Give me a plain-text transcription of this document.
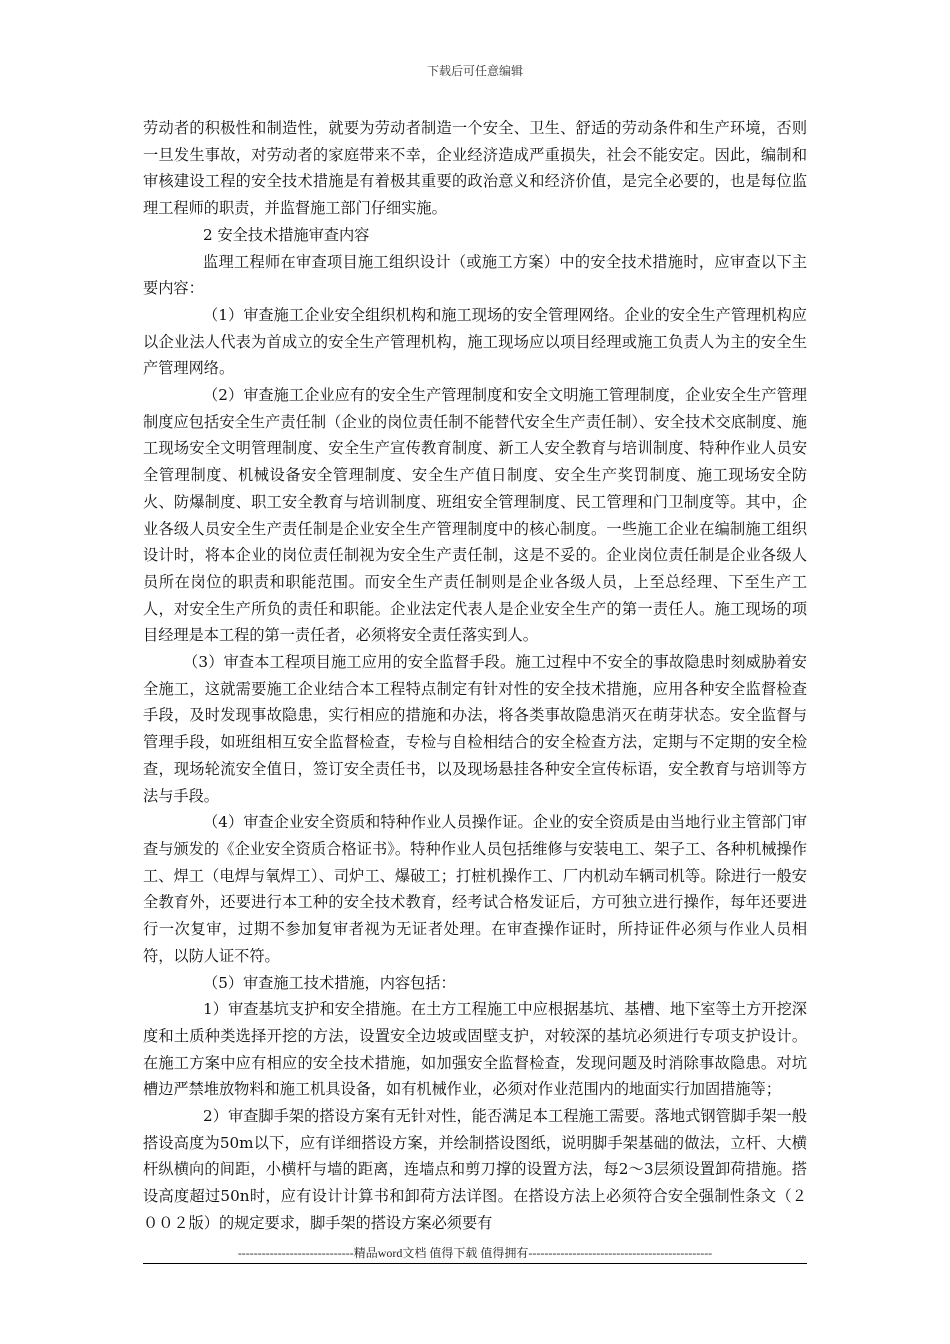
下载后可任意编辑

劳动者的积极性和制造性，就要为劳动者制造一个安全、卫生、舒适的劳动条件和生产环境，否则一旦发生事故，对劳动者的家庭带来不幸，企业经济造成严重损失，社会不能安定。因此，编制和审核建设工程的安全技术措施是有着极其重要的政治意义和经济价值，是完全必要的，也是每位监理工程师的职责，并监督施工部门仔细实施。

2 安全技术措施审查内容

监理工程师在审查项目施工组织设计（或施工方案）中的安全技术措施时，应审查以下主要内容：

（1）审查施工企业安全组织机构和施工现场的安全管理网络。企业的安全生产管理机构应以企业法人代表为首成立的安全生产管理机构，施工现场应以项目经理或施工负责人为主的安全生产管理网络。

（2）审查施工企业应有的安全生产管理制度和安全文明施工管理制度，企业安全生产管理制度应包括安全生产责任制（企业的岗位责任制不能替代安全生产责任制）、安全技术交底制度、施工现场安全文明管理制度、安全生产宣传教育制度、新工人安全教育与培训制度、特种作业人员安全管理制度、机械设备安全管理制度、安全生产值日制度、安全生产奖罚制度、施工现场安全防火、防爆制度、职工安全教育与培训制度、班组安全管理制度、民工管理和门卫制度等。其中，企业各级人员安全生产责任制是企业安全生产管理制度中的核心制度。一些施工企业在编制施工组织设计时，将本企业的岗位责任制视为安全生产责任制，这是不妥的。企业岗位责任制是企业各级人员所在岗位的职责和职能范围。而安全生产责任制则是企业各级人员，上至总经理、下至生产工人，对安全生产所负的责任和职能。企业法定代表人是企业安全生产的第一责任人。施工现场的项目经理是本工程的第一责任者，必须将安全责任落实到人。

（3）审查本工程项目施工应用的安全监督手段。施工过程中不安全的事故隐患时刻威胁着安全施工，这就需要施工企业结合本工程特点制定有针对性的安全技术措施，应用各种安全监督检查手段，及时发现事故隐患，实行相应的措施和办法，将各类事故隐患消灭在萌芽状态。安全监督与管理手段，如班组相互安全监督检查，专检与自检相结合的安全检查方法，定期与不定期的安全检查，现场轮流安全值日，签订安全责任书，以及现场悬挂各种安全宣传标语，安全教育与培训等方法与手段。

（4）审查企业安全资质和特种作业人员操作证。企业的安全资质是由当地行业主管部门审查与颁发的《企业安全资质合格证书》。特种作业人员包括维修与安装电工、架子工、各种机械操作工、焊工（电焊与氧焊工）、司炉工、爆破工；打桩机操作工、厂内机动车辆司机等。除进行一般安全教育外，还要进行本工种的安全技术教育，经考试合格发证后，方可独立进行操作，每年还要进行一次复审，过期不参加复审者视为无证者处理。在审查操作证时，所持证件必须与作业人员相符，以防人证不符。

（5）审查施工技术措施，内容包括：

1）审查基坑支护和安全措施。在土方工程施工中应根据基坑、基槽、地下室等土方开挖深度和土质种类选择开挖的方法，设置安全边坡或固壁支护，对较深的基坑必须进行专项支护设计。在施工方案中应有相应的安全技术措施，如加强安全监督检查，发现问题及时消除事故隐患。对坑槽边严禁堆放物料和施工机具设备，如有机械作业，必须对作业范围内的地面实行加固措施等；

2）审查脚手架的搭设方案有无针对性，能否满足本工程施工需要。落地式钢管脚手架一般搭设高度为50m以下，应有详细搭设方案，并绘制搭设图纸，说明脚手架基础的做法，立杆、大横杆纵横向的间距，小横杆与墙的距离，连墙点和剪刀撑的设置方法，每2～3层须设置卸荷措施。搭设高度超过50n时，应有设计计算书和卸荷方法详图。在搭设方法上必须符合安全强制性条文（２００２版）的规定要求，脚手架的搭设方案必须要有

-----------------------------精品word文档 值得下载 值得拥有----------------------------------------------
